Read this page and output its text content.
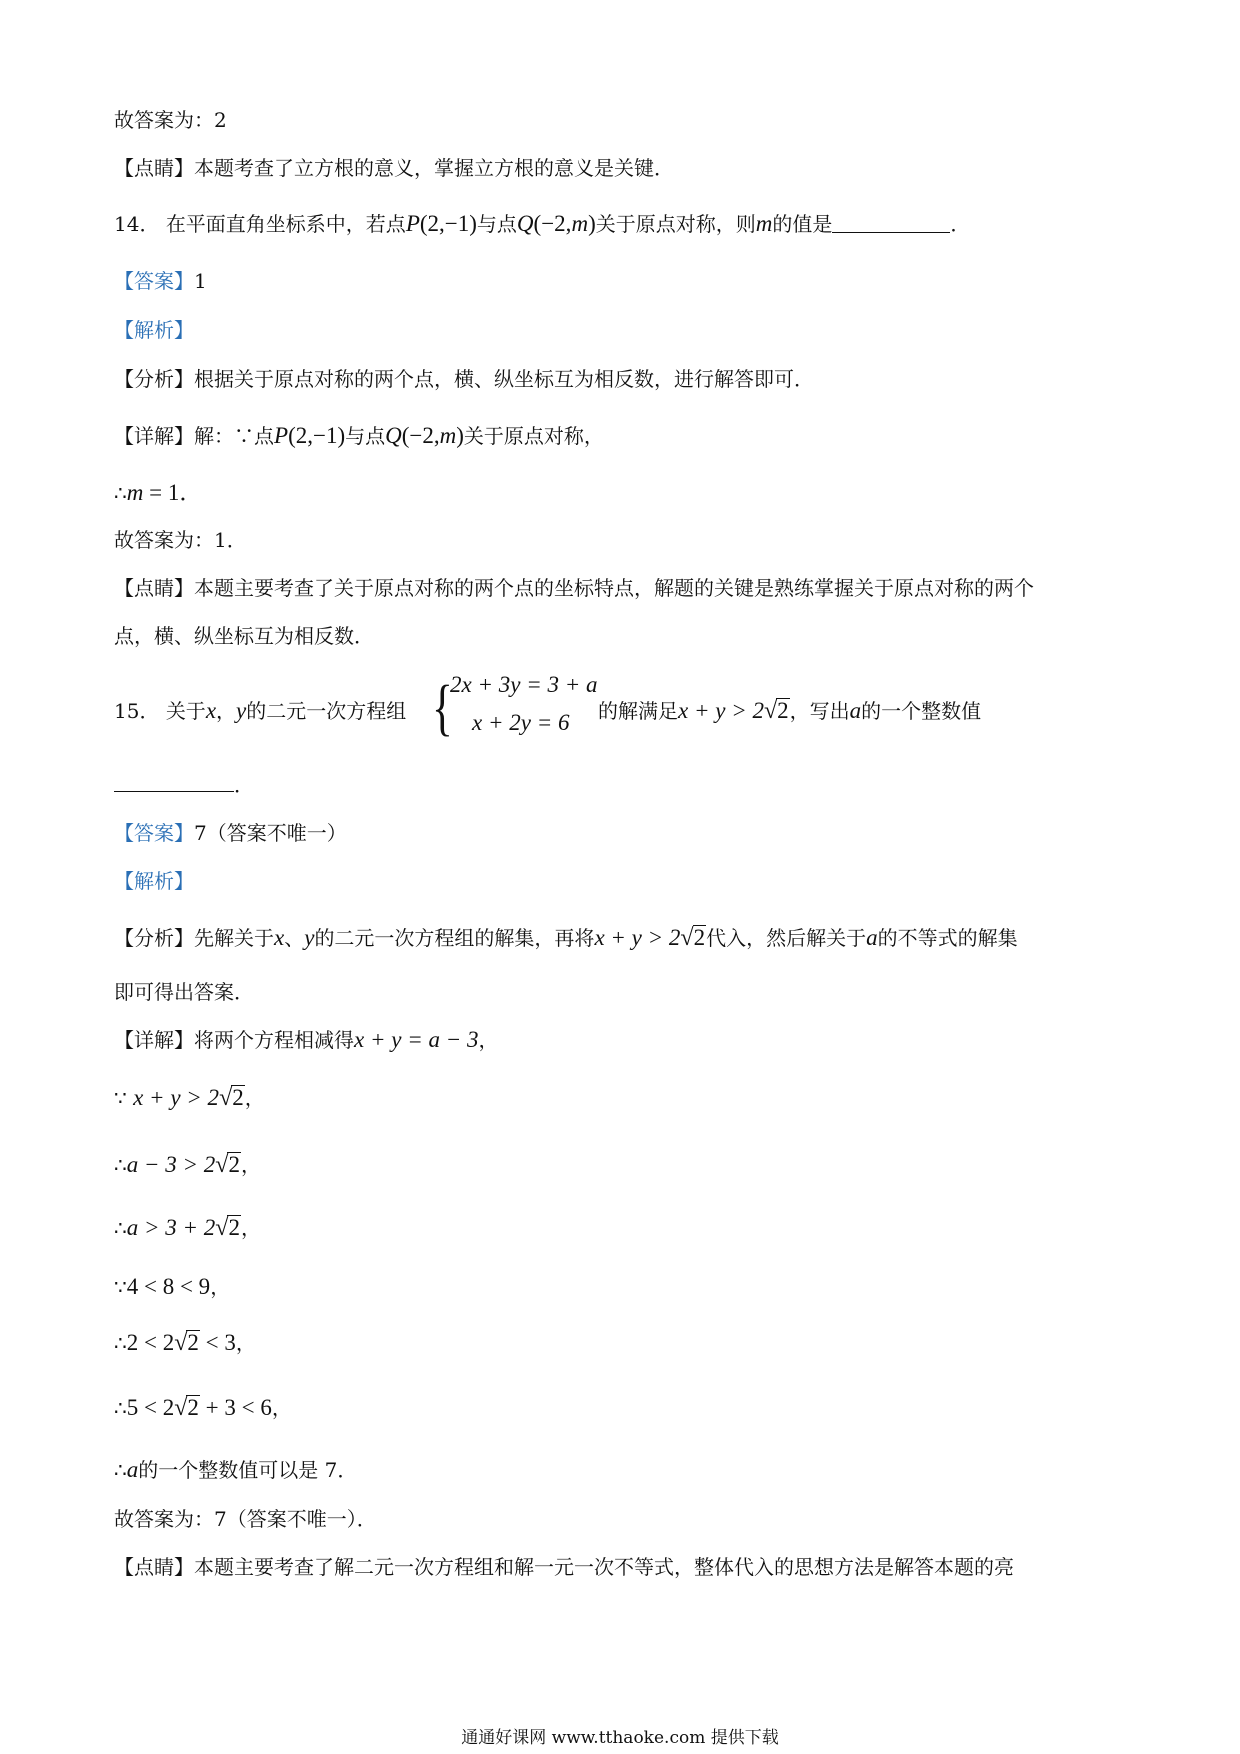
故答案为：2
【点睛】本题考查了立方根的意义，掌握立方根的意义是关键．
14． 在平面直角坐标系中，若点P(2,−1)与点Q(−2,m)关于原点对称，则m的值是	．
【答案】1
【解析】
【分析】根据关于原点对称的两个点，横、纵坐标互为相反数，进行解答即可．
【详解】解：∵点P(2,−1)与点Q(−2,m)关于原点对称，
∴m = 1．
故答案为：1．
【点睛】本题主要考查了关于原点对称的两个点的坐标特点，解题的关键是熟练掌握关于原点对称的两个
点，横、纵坐标互为相反数．
15． 关于x，y的二元一次方程组 {
2x + 3y = 3 + a
x + 2y = 6 的解满足x + y > 2√2，写出a的一个整数值
．
【答案】7（答案不唯一）
【解析】
【分析】先解关于x、y的二元一次方程组的解集，再将x + y > 2√2代入，然后解关于a的不等式的解集
即可得出答案．
【详解】将两个方程相减得x + y = a − 3，
∵ x + y > 2√2，
∴a − 3 > 2√2，
∴a > 3 + 2√2，
∵4 < 8 < 9，
∴2 < 2√2 < 3，
∴5 < 2√2 + 3 < 6，
∴a的一个整数值可以是 7．
故答案为：7（答案不唯一）．
【点睛】本题主要考查了解二元一次方程组和解一元一次不等式，整体代入的思想方法是解答本题的亮
通通好课网 www.tthaoke.com 提供下载
